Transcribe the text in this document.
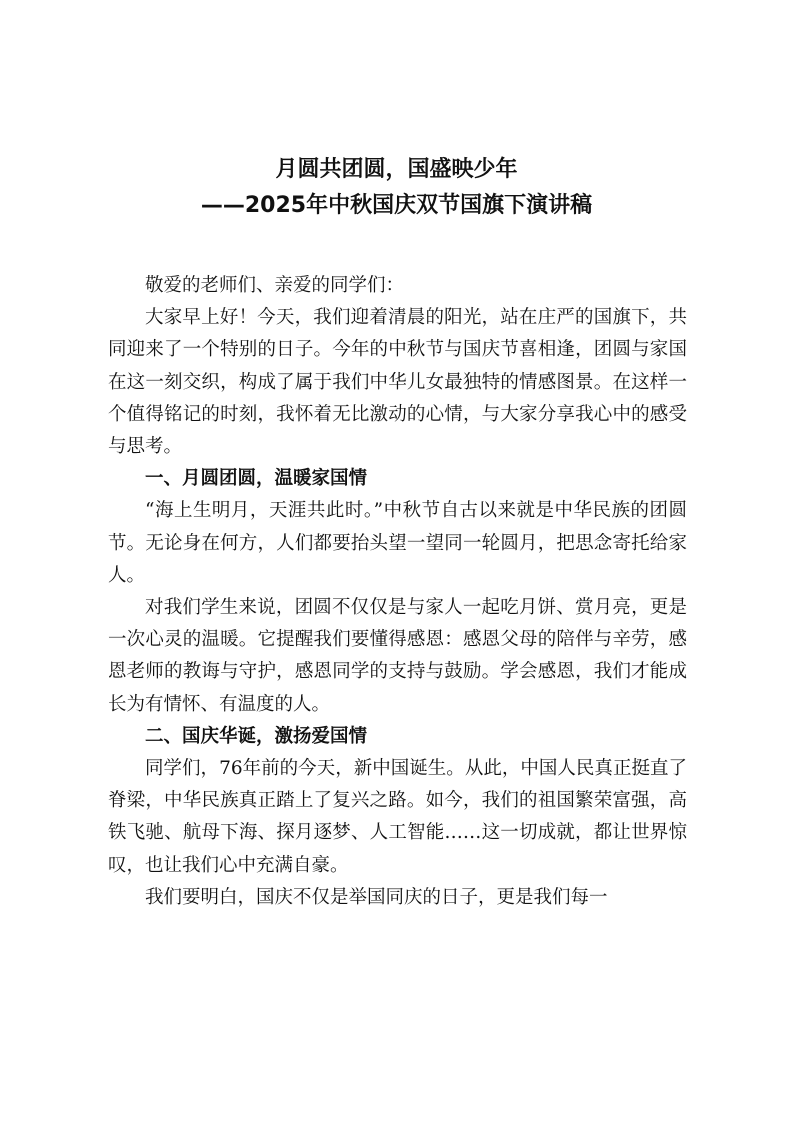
月圆共团圆，国盛映少年
——2025年中秋国庆双节国旗下演讲稿

敬爱的老师们、亲爱的同学们：

大家早上好！今天，我们迎着清晨的阳光，站在庄严的国旗下，共同迎来了一个特别的日子。今年的中秋节与国庆节喜相逢，团圆与家国在这一刻交织，构成了属于我们中华儿女最独特的情感图景。在这样一个值得铭记的时刻，我怀着无比激动的心情，与大家分享我心中的感受与思考。

一、月圆团圆，温暖家国情

“海上生明月，天涯共此时。”中秋节自古以来就是中华民族的团圆节。无论身在何方，人们都要抬头望一望同一轮圆月，把思念寄托给家人。

对我们学生来说，团圆不仅仅是与家人一起吃月饼、赏月亮，更是一次心灵的温暖。它提醒我们要懂得感恩：感恩父母的陪伴与辛劳，感恩老师的教诲与守护，感恩同学的支持与鼓励。学会感恩，我们才能成长为有情怀、有温度的人。

二、国庆华诞，激扬爱国情

同学们，76年前的今天，新中国诞生。从此，中国人民真正挺直了脊梁，中华民族真正踏上了复兴之路。如今，我们的祖国繁荣富强，高铁飞驰、航母下海、探月逐梦、人工智能……这一切成就，都让世界惊叹，也让我们心中充满自豪。

我们要明白，国庆不仅是举国同庆的日子，更是我们每一
